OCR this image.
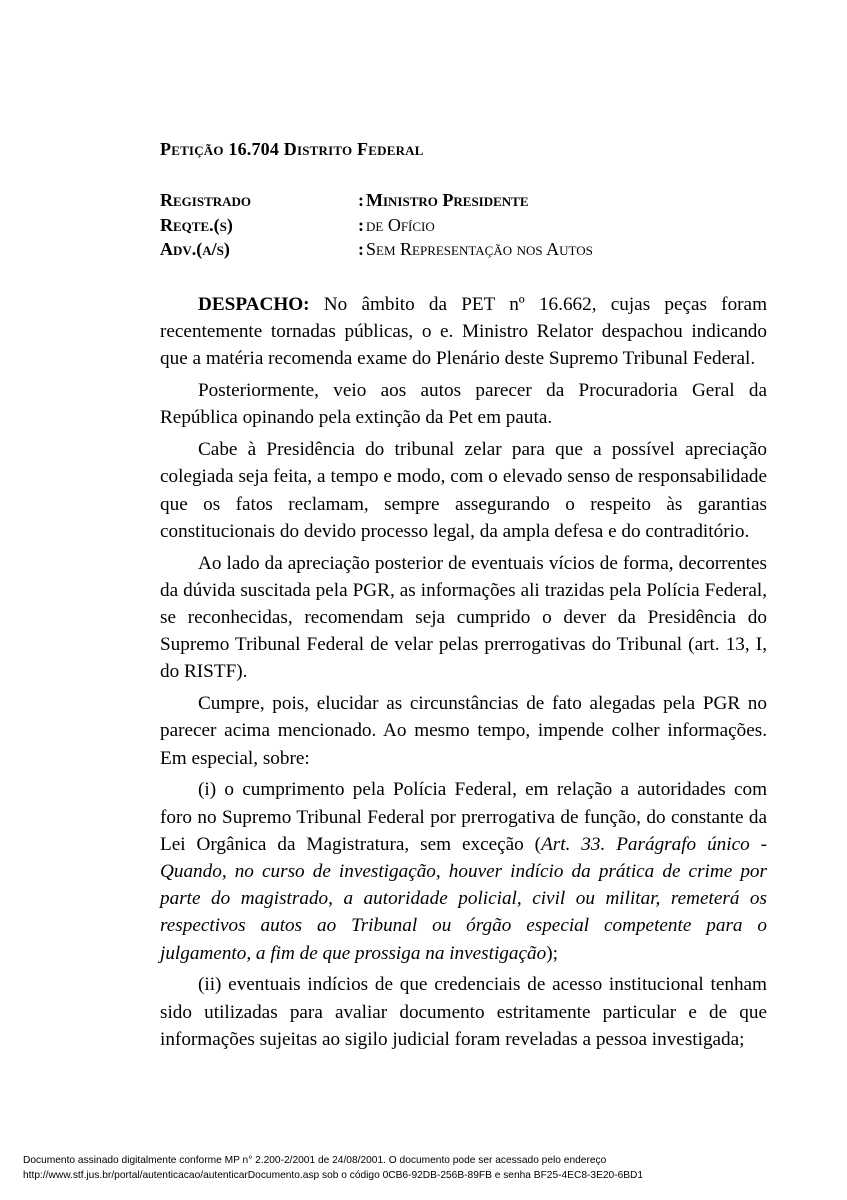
Petição 16.704 Distrito Federal
Registrado	: Ministro Presidente
Reqte.(s)	: de Ofício
Adv.(a/s)	: Sem Representação nos Autos

DESPACHO: No âmbito da PET nº 16.662, cujas peças foram recentemente tornadas públicas, o e. Ministro Relator despachou indicando que a matéria recomenda exame do Plenário deste Supremo Tribunal Federal.

Posteriormente, veio aos autos parecer da Procuradoria Geral da República opinando pela extinção da Pet em pauta.

Cabe à Presidência do tribunal zelar para que a possível apreciação colegiada seja feita, a tempo e modo, com o elevado senso de responsabilidade que os fatos reclamam, sempre assegurando o respeito às garantias constitucionais do devido processo legal, da ampla defesa e do contraditório.

Ao lado da apreciação posterior de eventuais vícios de forma, decorrentes da dúvida suscitada pela PGR, as informações ali trazidas pela Polícia Federal, se reconhecidas, recomendam seja cumprido o dever da Presidência do Supremo Tribunal Federal de velar pelas prerrogativas do Tribunal (art. 13, I, do RISTF).

Cumpre, pois, elucidar as circunstâncias de fato alegadas pela PGR no parecer acima mencionado. Ao mesmo tempo, impende colher informações. Em especial, sobre:

(i) o cumprimento pela Polícia Federal, em relação a autoridades com foro no Supremo Tribunal Federal por prerrogativa de função, do constante da Lei Orgânica da Magistratura, sem exceção (Art. 33. Parágrafo único - Quando, no curso de investigação, houver indício da prática de crime por parte do magistrado, a autoridade policial, civil ou militar, remeterá os respectivos autos ao Tribunal ou órgão especial competente para o julgamento, a fim de que prossiga na investigação);

(ii) eventuais indícios de que credenciais de acesso institucional tenham sido utilizadas para avaliar documento estritamente particular e de que informações sujeitas ao sigilo judicial foram reveladas a pessoa investigada;

Documento assinado digitalmente conforme MP n° 2.200-2/2001 de 24/08/2001. O documento pode ser acessado pelo endereço
http://www.stf.jus.br/portal/autenticacao/autenticarDocumento.asp sob o código 0CB6-92DB-256B-89FB e senha BF25-4EC8-3E20-6BD1
